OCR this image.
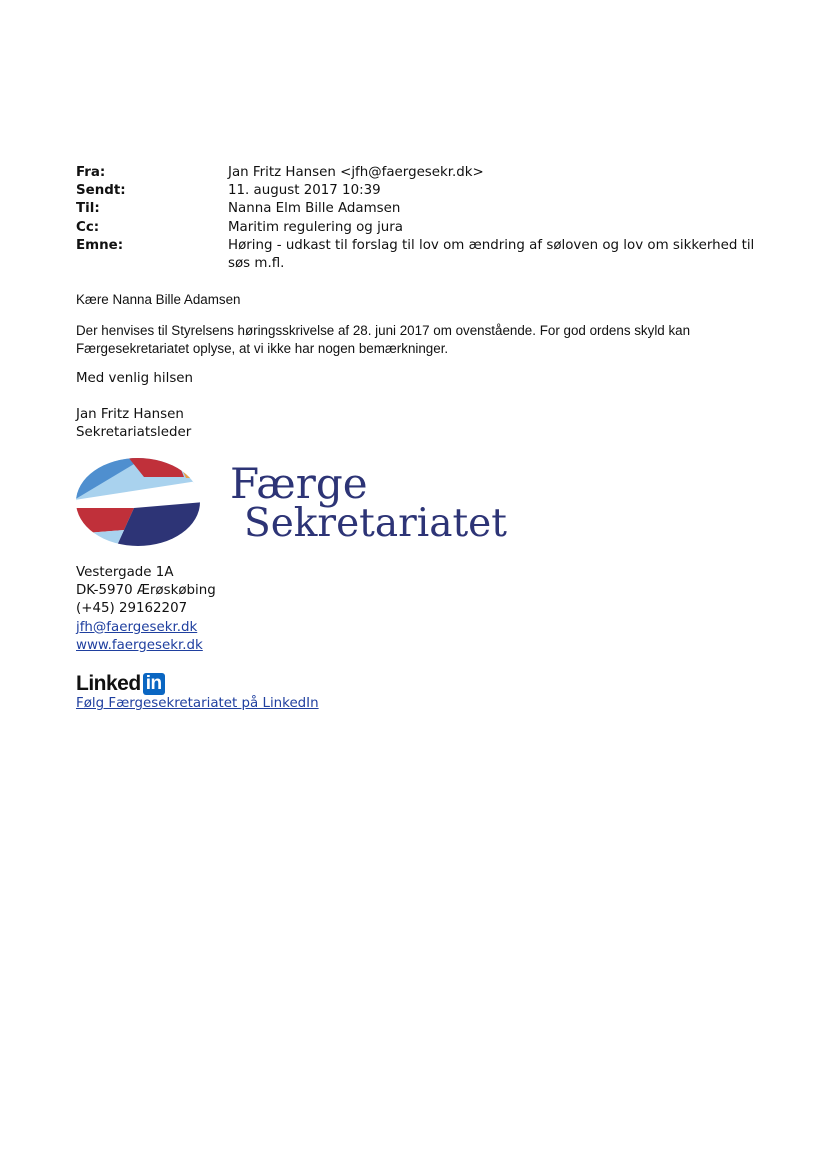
Fra:	Jan Fritz Hansen <jfh@faergesekr.dk>
Sendt:	11. august 2017 10:39
Til:	Nanna Elm Bille Adamsen
Cc:	Maritim regulering og jura
Emne:	Høring - udkast til forslag til lov om ændring af søloven og lov om sikkerhed til søs m.fl.
Kære Nanna Bille Adamsen
Der henvises til Styrelsens høringsskrivelse af 28. juni 2017 om ovenstående. For god ordens skyld kan Færgesekretariatet oplyse, at vi ikke har nogen bemærkninger.
Med venlig hilsen
Jan Fritz Hansen
Sekretariatsleder
Færge
Sekretariatet
Vestergade 1A
DK-5970 Ærøskøbing
(+45) 29162207
jfh@faergesekr.dk
www.faergesekr.dk
Linked in
Følg Færgesekretariatet på LinkedIn
